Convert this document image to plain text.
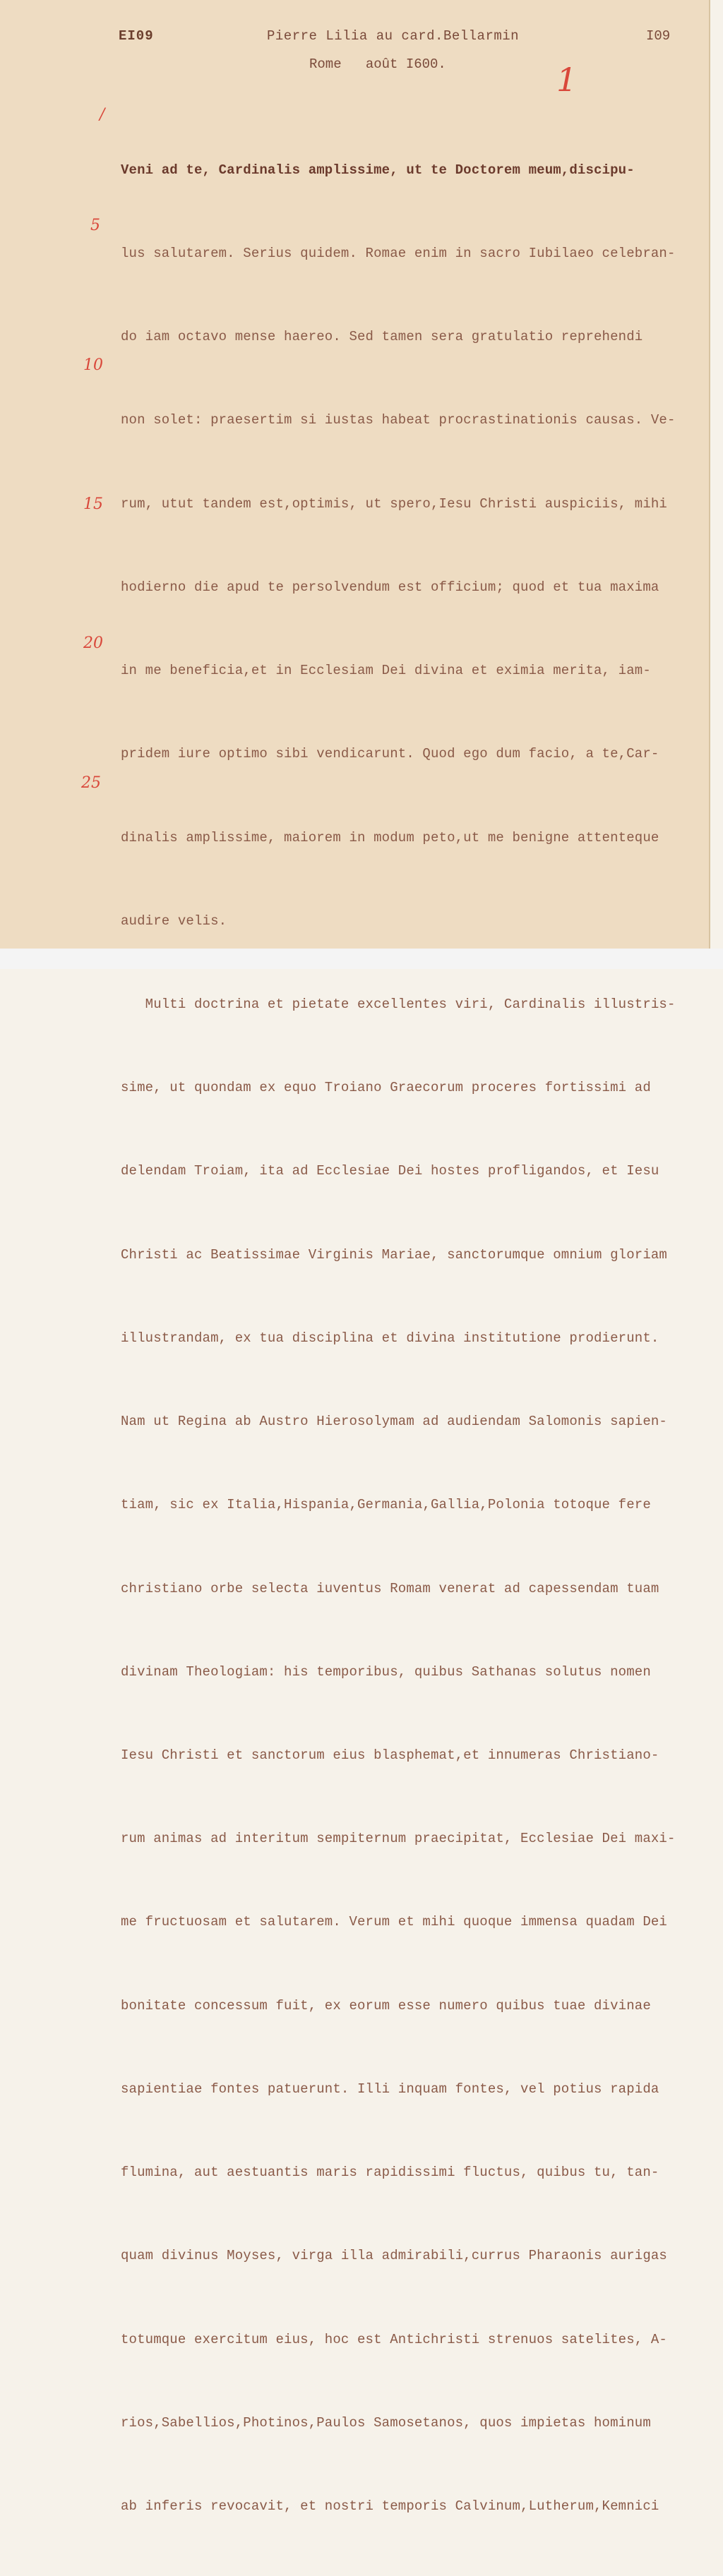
EI09	Pierre Lilia au card.Bellarmin	I09
Rome   août I600.	1
/
5
10
15
20
25

Veni ad te, Cardinalis amplissime, ut te Doctorem meum,discipu-

lus salutarem. Serius quidem. Romae enim in sacro Iubilaeo celebran-

do iam octavo mense haereo. Sed tamen sera gratulatio reprehendi

non solet: praesertim si iustas habeat procrastinationis causas. Ve-

rum, utut tandem est,optimis, ut spero,Iesu Christi auspiciis, mihi

hodierno die apud te persolvendum est officium; quod et tua maxima

in me beneficia,et in Ecclesiam Dei divina et eximia merita, iam-

pridem iure optimo sibi vendicarunt. Quod ego dum facio, a te,Car-

dinalis amplissime, maiorem in modum peto,ut me benigne attenteque

audire velis.

Multi doctrina et pietate excellentes viri, Cardinalis illustris-

sime, ut quondam ex equo Troiano Graecorum proceres fortissimi ad

delendam Troiam, ita ad Ecclesiae Dei hostes profligandos, et Iesu

Christi ac Beatissimae Virginis Mariae, sanctorumque omnium gloriam

illustrandam, ex tua disciplina et divina institutione prodierunt.

Nam ut Regina ab Austro Hierosolymam ad audiendam Salomonis sapien-

tiam, sic ex Italia,Hispania,Germania,Gallia,Polonia totoque fere

christiano orbe selecta iuventus Romam venerat ad capessendam tuam

divinam Theologiam: his temporibus, quibus Sathanas solutus nomen

Iesu Christi et sanctorum eius blasphemat,et innumeras Christiano-

rum animas ad interitum sempiternum praecipitat, Ecclesiae Dei maxi-

me fructuosam et salutarem. Verum et mihi quoque immensa quadam Dei

bonitate concessum fuit, ex eorum esse numero quibus tuae divinae

sapientiae fontes patuerunt. Illi inquam fontes, vel potius rapida

flumina, aut aestuantis maris rapidissimi fluctus, quibus tu, tan-

quam divinus Moyses, virga illa admirabili,currus Pharaonis aurigas

totumque exercitum eius, hoc est Antichristi strenuos satelites, A-

rios,Sabellios,Photinos,Paulos Samosetanos, quos impietas hominum

ab inferis revocavit, et nostri temporis Calvinum,Lutherum,Kemnici
